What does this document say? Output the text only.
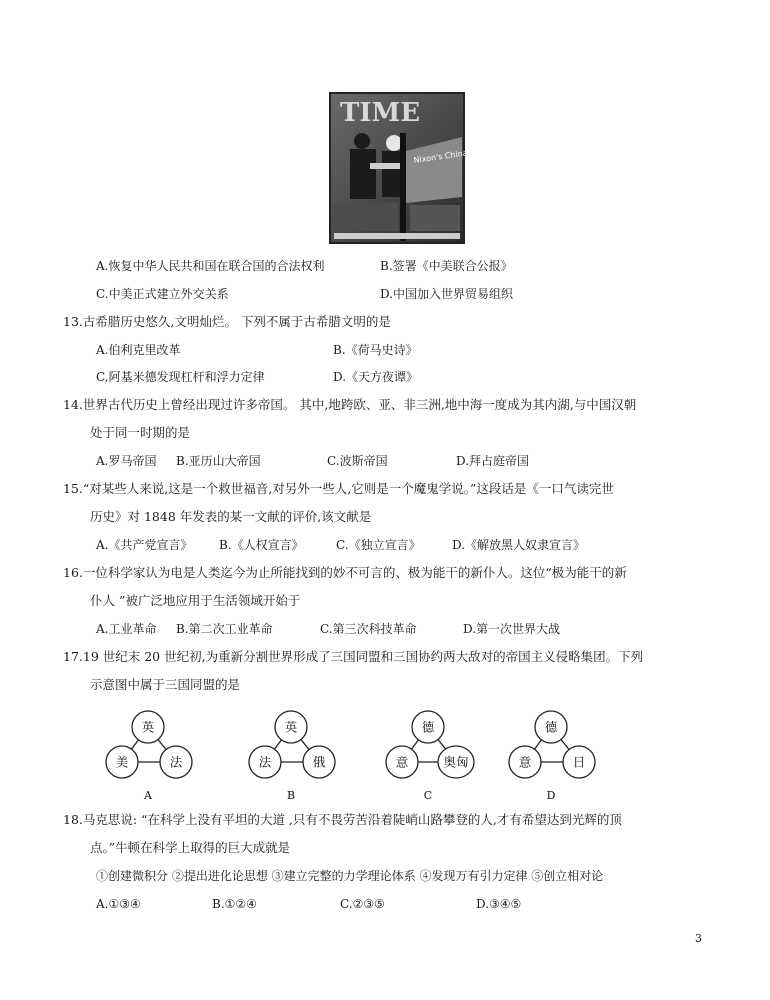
TIME
Nixon's China Odyssey
A.恢复中华人民共和国在联合国的合法权利	B.签署《中美联合公报》
C.中美正式建立外交关系	D.中国加入世界贸易组织
13.古希腊历史悠久,文明灿烂。 下列不属于古希腊文明的是
A.伯利克里改革	B.《荷马史诗》
C,阿基米德发现杠杆和浮力定律	D.《天方夜谭》
14.世界古代历史上曾经出现过许多帝国。 其中,地跨欧、亚、非三洲,地中海一度成为其内湖,与中国汉朝
处于同一时期的是
A.罗马帝国 B.亚历山大帝国	C.波斯帝国	D.拜占庭帝国
15.“对某些人来说,这是一个救世福音,对另外一些人,它则是一个魔鬼学说。”这段话是《一口气读完世
历史》对 1848 年发表的某一文献的评价,该文献是
A.《共产党宣言》 B.《人权宣言》	C.《独立宣言》	D.《解放黑人奴隶宣言》
16.一位科学家认为电是人类迄今为止所能找到的妙不可言的、极为能干的新仆人。这位“极为能干的新
仆人 ”被广泛地应用于生活领域开始于
A.工业革命 B.第二次工业革命	C.第三次科技革命	D.第一次世界大战
17.19 世纪末 20 世纪初,为重新分割世界形成了三国同盟和三国协约两大敌对的帝国主义侵略集团。下列
示意图中属于三国同盟的是
英
美	法
A
英
法	俄
B
德
意	奥匈
C
德
意	日
D
18.马克思说: “在科学上没有平坦的大道 ,只有不畏劳苦沿着陡峭山路攀登的人,才有希望达到光辉的顶
点。”牛顿在科学上取得的巨大成就是
①创建微积分 ②提出进化论思想 ③建立完整的力学理论体系 ④发现万有引力定律 ⑤创立相对论
A.①③④	B.①②④	C.②③⑤	D.③④⑤
3
